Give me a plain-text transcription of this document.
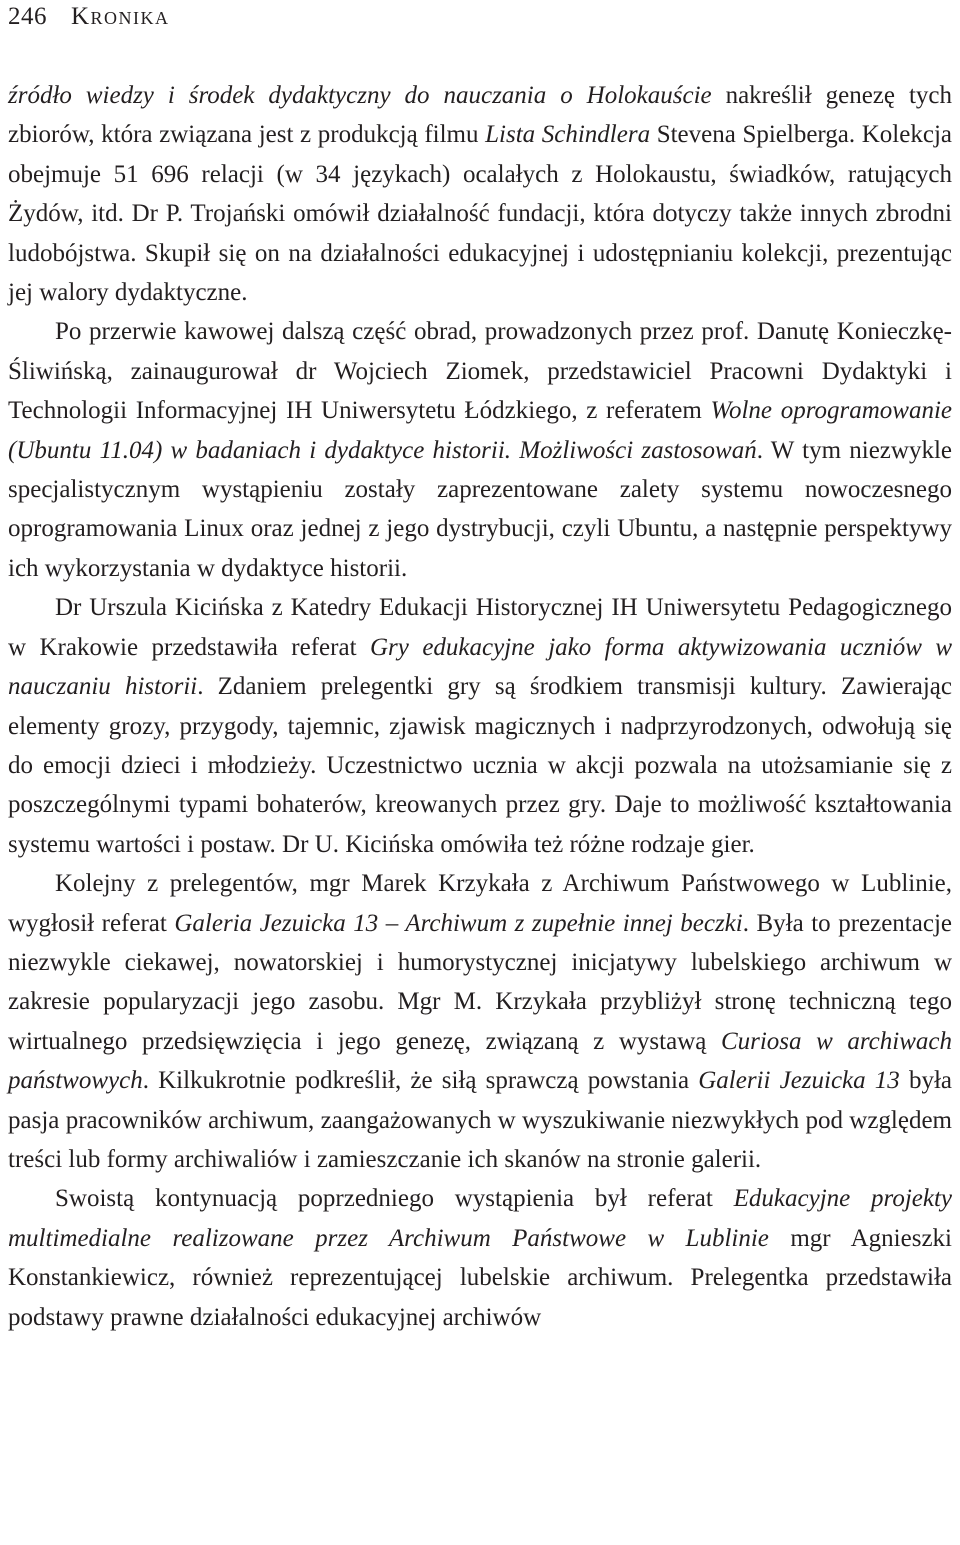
246 Kronika

źródło wiedzy i środek dydaktyczny do nauczania o Holokauście nakreślił genezę tych zbiorów, która związana jest z produkcją filmu Lista Schindlera Stevena Spielberga. Kolekcja obejmuje 51 696 relacji (w 34 językach) ocalałych z Holokaustu, świadków, ratujących Żydów, itd. Dr P. Trojański omówił działalność fundacji, która dotyczy także innych zbrodni ludobójstwa. Skupił się on na działalności edukacyjnej i udostępnianiu kolekcji, prezentując jej walory dydaktyczne.

Po przerwie kawowej dalszą część obrad, prowadzonych przez prof. Danutę Konieczkę-Śliwińską, zainaugurował dr Wojciech Ziomek, przedstawiciel Pracowni Dydaktyki i Technologii Informacyjnej IH Uniwersytetu Łódzkiego, z referatem Wolne oprogramowanie (Ubuntu 11.04) w badaniach i dydaktyce historii. Możliwości zastosowań. W tym niezwykle specjalistycznym wystąpieniu zostały zaprezentowane zalety systemu nowoczesnego oprogramowania Linux oraz jednej z jego dystrybucji, czyli Ubuntu, a następnie perspektywy ich wykorzystania w dydaktyce historii.

Dr Urszula Kicińska z Katedry Edukacji Historycznej IH Uniwersytetu Pedagogicznego w Krakowie przedstawiła referat Gry edukacyjne jako forma aktywizowania uczniów w nauczaniu historii. Zdaniem prelegentki gry są środkiem transmisji kultury. Zawierając elementy grozy, przygody, tajemnic, zjawisk magicznych i nadprzyrodzonych, odwołują się do emocji dzieci i młodzieży. Uczestnictwo ucznia w akcji pozwala na utożsamianie się z poszczególnymi typami bohaterów, kreowanych przez gry. Daje to możliwość kształtowania systemu wartości i postaw. Dr U. Kicińska omówiła też różne rodzaje gier.

Kolejny z prelegentów, mgr Marek Krzykała z Archiwum Państwowego w Lublinie, wygłosił referat Galeria Jezuicka 13 – Archiwum z zupełnie innej beczki. Była to prezentacje niezwykle ciekawej, nowatorskiej i humorystycznej inicjatywy lubelskiego archiwum w zakresie popularyzacji jego zasobu. Mgr M. Krzykała przybliżył stronę techniczną tego wirtualnego przedsięwzięcia i jego genezę, związaną z wystawą Curiosa w archiwach państwowych. Kilkukrotnie podkreślił, że siłą sprawczą powstania Galerii Jezuicka 13 była pasja pracowników archiwum, zaangażowanych w wyszukiwanie niezwykłych pod względem treści lub formy archiwaliów i zamieszczanie ich skanów na stronie galerii.

Swoistą kontynuacją poprzedniego wystąpienia był referat Edukacyjne projekty multimedialne realizowane przez Archiwum Państwowe w Lublinie mgr Agnieszki Konstankiewicz, również reprezentującej lubelskie archiwum. Prelegentka przedstawiła podstawy prawne działalności edukacyjnej archiwów
